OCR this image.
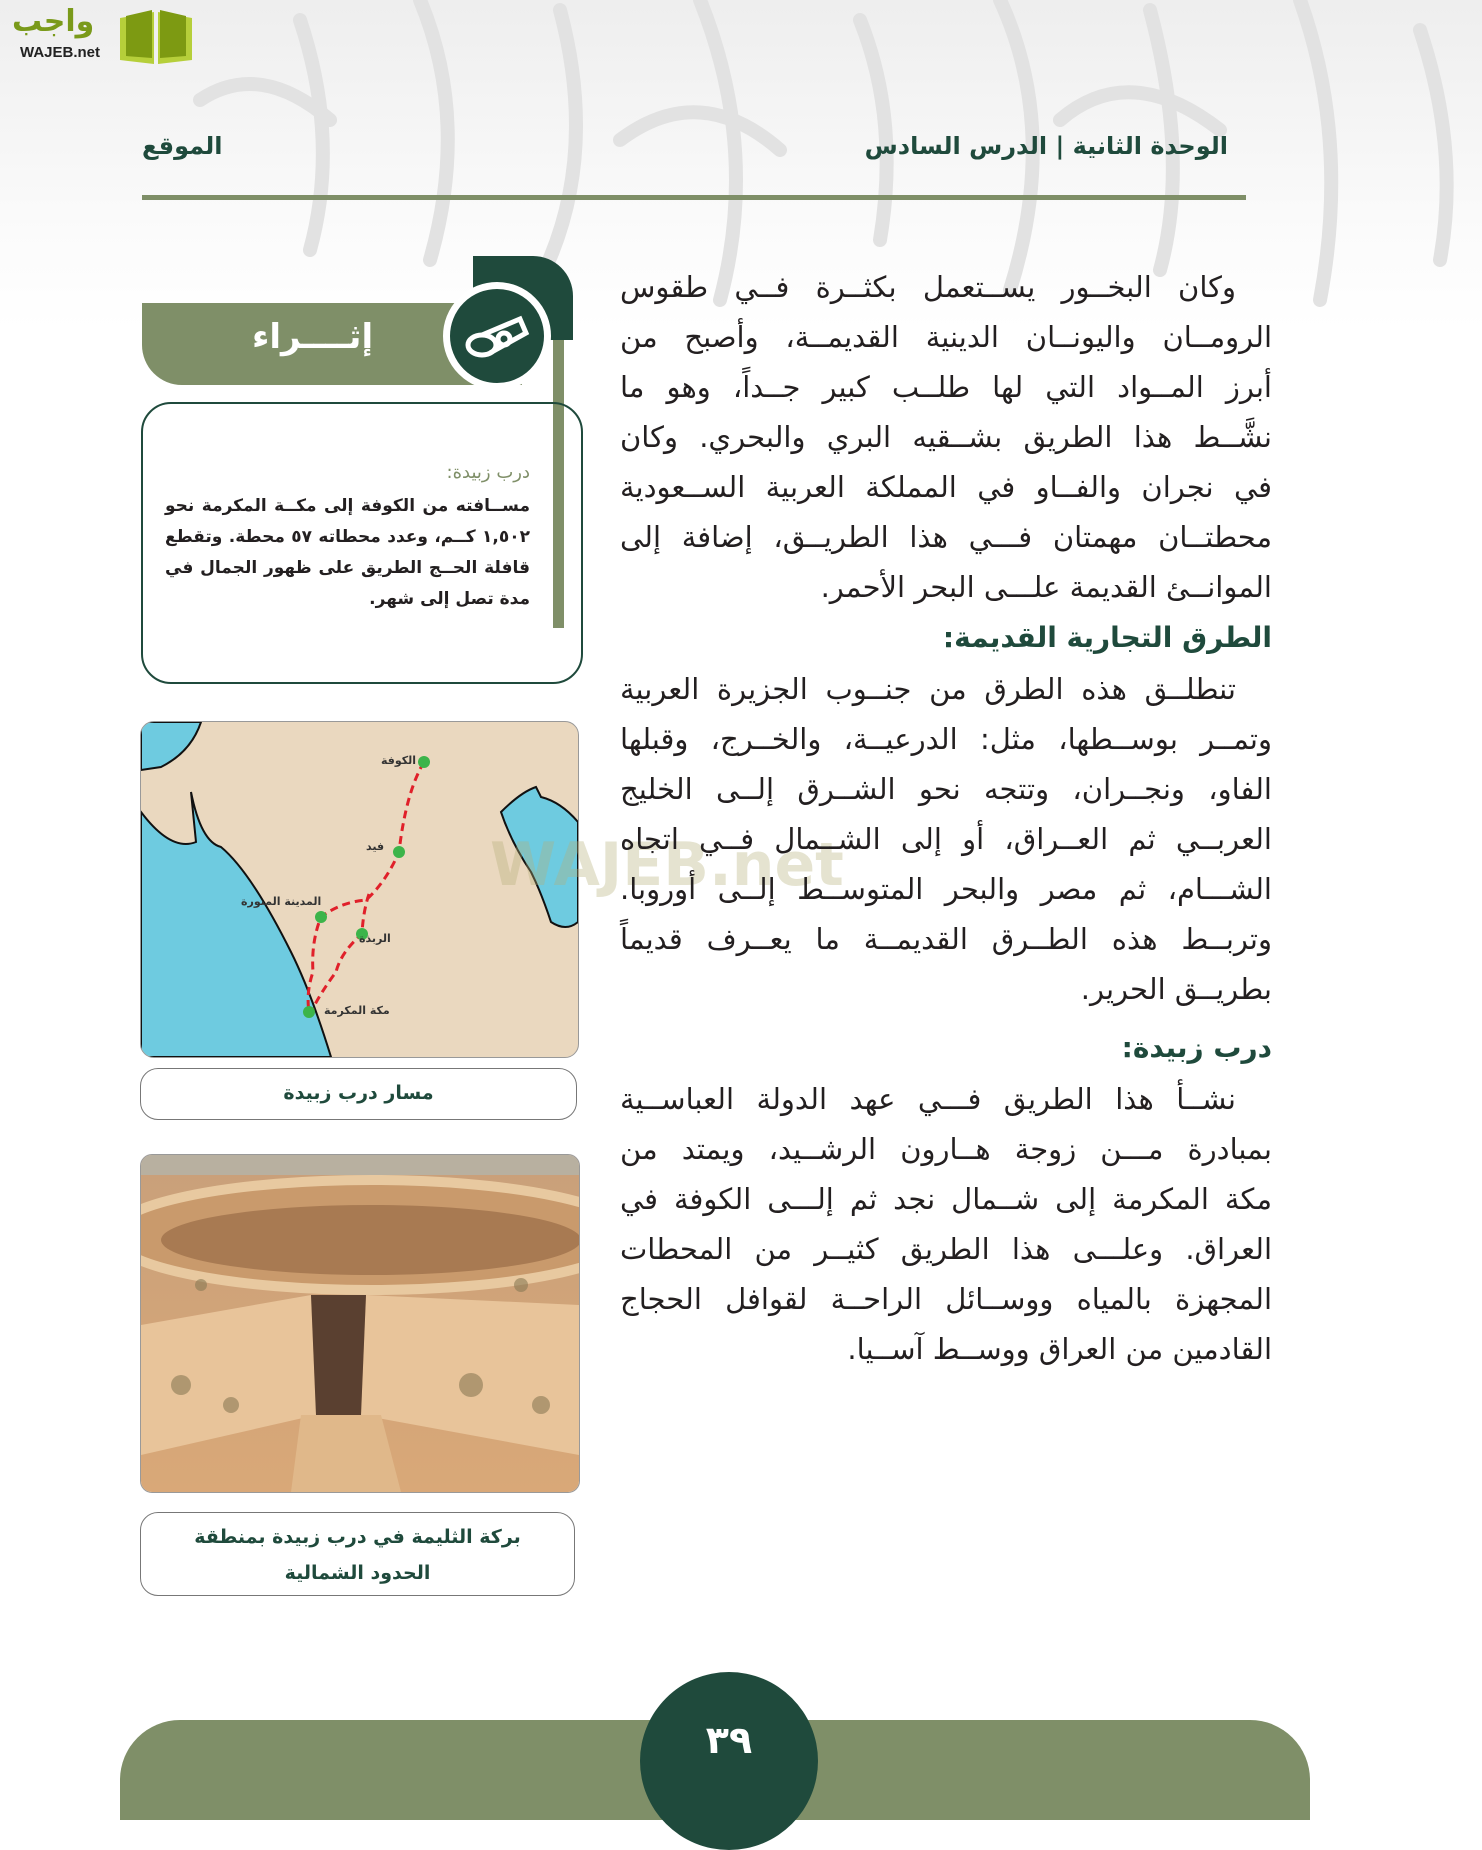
واجب
WAJEB.net
الوحدة الثانية | الدرس السادس
الموقع
إثــــراء
درب زبيدة:
مســافته من الكوفة إلى مكــة المكرمة نحو
١,٥٠٢ كــم، وعدد محطاته ٥٧ محطة. وتقطع
قافلة الحــج الطريق على ظهور الجمال في
مدة تصل إلى شهر.
الكوفة
فيد
المدينة المنورة
الربذة
مكة المكرمة
مسار درب زبيدة
WAJEB.net
بركة الثليمة في درب زبيدة بمنطقة
الحدود الشمالية
وكان البخــور يســتعمل بكثــرة فــي طقوس
الرومــان واليونــان الدينية القديمــة، وأصبح من
أبرز المــواد التي لها طلــب كبير جــداً، وهو ما
نشَّــط هذا الطريق بشــقيه البري والبحري. وكان
في نجران والفــاو في المملكة العربية الســعودية
محطتــان مهمتان فـــي هذا الطريــق، إضافة إلى
الموانــئ القديمة علـــى البحر الأحمر.
الطرق التجارية القديمة:
تنطلــق هذه الطرق من جنــوب الجزيرة العربية
وتمــر بوســطها، مثل: الدرعيــة، والخــرج، وقبلها
الفاو، ونجــران، وتتجه نحو الشــرق إلــى الخليج
العربــي ثم العــراق، أو إلى الشــمال فــي اتجاه
الشـــام، ثم مصر والبحر المتوســط إلــى أوروبا.
وتربــط هذه الطــرق القديمــة ما يعــرف قديماً
بطريــق الحرير.
درب زبيدة:
نشــأ هذا الطريق فـــي عهد الدولة العباســية
بمبادرة مـــن زوجة هــارون الرشــيد، ويمتد من
مكة المكرمة إلى شــمال نجد ثم إلـــى الكوفة في
العراق. وعلـــى هذا الطريق كثيــر من المحطات
المجهزة بالمياه ووســائل الراحــة لقوافل الحجاج
القادمين من العراق ووســط آســيا.
٣٩
